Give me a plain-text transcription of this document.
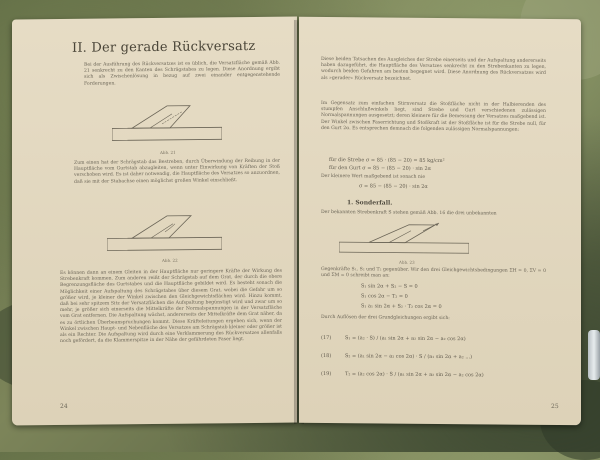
II. Der gerade Rückversatz
Bei der Ausführung des Rückversatzes ist es üblich, die Versatzfläche gemäß Abb. 21 senkrecht zu den Kanten des Schrägstabes zu legen. Diese Anordnung ergibt sich als Zwischenlösung in bezug auf zwei einander entgegenstehende Forderungen.
Abb. 21
Zum einen hat der Schrägstab das Bestreben, durch Überwindung der Reibung in der Hauptfläche vom Gurtstab abzugleiten, wenn unter Einwirkung von Kräften der Stoß verschoben wird. Es ist daher notwendig, die Hauptfläche des Versatzes so anzuordnen, daß sie mit der Stabachse einen möglichst großen Winkel einschließt.
Abb. 22
Es können dann an einem Gleiten in der Hauptfläche nur geringere Kräfte der Wirkung des Strebenkraft kommen. Zum anderen reißt der Schrägstab auf dem Grat, der durch die obere Begrenzungsfläche des Gurtstabes und die Hauptfläche gebildet wird. Es besteht sonach die Möglichkeit einer Aufspaltung des Schrägstabes über diesem Grat, wobei die Gefahr um so größer wird, je kleiner der Winkel zwischen den Gleichgewichtsflächen wird. Hinzu kommt, daß bei sehr spitzem Sitz der Versatzflächen die Aufspaltung begünstigt wird und zwar um so mehr, je größer sich einerseits die Mittelkräfte der Normalspannungen in der Versatzfläche vom Grat entfernen. Die Aufspaltung wächst, andererseits der Mittelkräfte dem Grat näher, da es zu örtlichen Überbeanspruchungen kommt. Diese Kräfteleitungen ergeben sich, wenn der Winkel zwischen Haupt- und Nebenfläche des Versatzes am Schrägstab kleiner oder größer ist als ein Rechter. Die Aufspaltung wird durch eine Verklammerung des Rückversatzes allenfalls noch gefördert, da die Klammerspitze in der Nähe der gefährdeten Faser liegt.
24
Diese beiden Tatsachen des Ausgleiches der Strebe einerseits und der Aufspaltung andererseits haben dazugeführt, die Hauptfläche des Versatzes senkrecht zu den Strebenkanten zu legen, wodurch beiden Gefahren am besten begegnet wird. Diese Anordnung des Rückversatzes wird als »gerader« Rückversatz bezeichnet.
Im Gegensatz zum einfachen Stirnversatz die Stoßfläche nicht in der Halbierenden des stumpfen Anschlußwinkels liegt, sind Strebe und Gurt verschiedenen zulässigen Normalspannungen ausgesetzt; deren kleinere für die Bemessung der Versatzes maßgebend ist. Der Winkel zwischen Faserrichtung und Stoßkraft ist der Stoßfläche ist für die Strebe null, für den Gurt 2α. Es entsprechen demnach die folgenden zulässigen Normalspannungen:
für die Strebe σ = 85 · (85 − 20) = 85 kg/cm²
für den Gurt σ = 85 − (85 − 20) · sin 2α
Der kleinere Wert maßgebend ist sonach nie
σ = 85 − (85 − 20) · sin 2α
1. Sonderfall.
Der bekannten Strebenkraft S stehen gemäß Abb. 16 die drei unbekannten
Abb. 23
Gegenkräfte S₁, S₂ und T₂ gegenüber. Wir den drei Gleichgewichtsbedingungen ΣH = 0, ΣV = 0 und ΣM = 0 schreibt man an:
S₁ sin 2α + S₂ − S = 0
S₁ cos 2α − T₂ = 0
S₁ a₁ sin 2α + S₂ · T₂ cos 2α = 0
Durch Auflösen der drei Grundgleichungen ergibt sich:
(17)	S₁ = (a₂ · S) / (a₁ sin 2α + a₂ sin 2α − a₂ cos 2α)
(18)	S₂ = (a₁ sin 2α − a₂ cos 2α) · S / (a₁ sin 2α + a₂ ...)
(19)	T₂ = (a₂ cos 2α) · S / (a₁ sin 2α + a₂ sin 2α − a₂ cos 2α)
25
